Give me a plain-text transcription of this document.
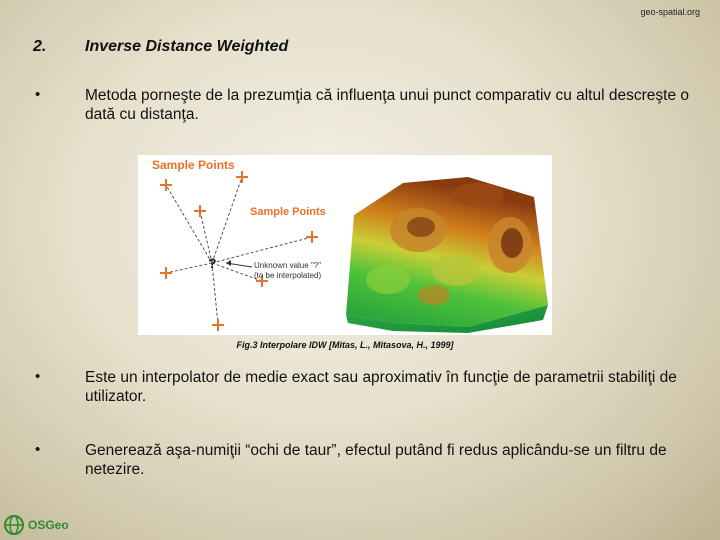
geo-spatial.org
2. Inverse Distance Weighted
•	Metoda porneşte de la prezumţia că influenţa unui punct comparativ cu altul descreşte o dată cu distanţa.
Sample Points
Sample Points
?	Unknown value "?"
(to be interpolated)
Fig.3 Interpolare IDW [Mitas, L., Mitasova, H., 1999]
•	Este un interpolator de medie exact sau aproximativ în funcţie de parametrii stabiliţi de utilizator.
•	Generează aşa-numiţii “ochi de taur”, efectul putând fi redus aplicându-se un filtru de netezire.
OSGeo
